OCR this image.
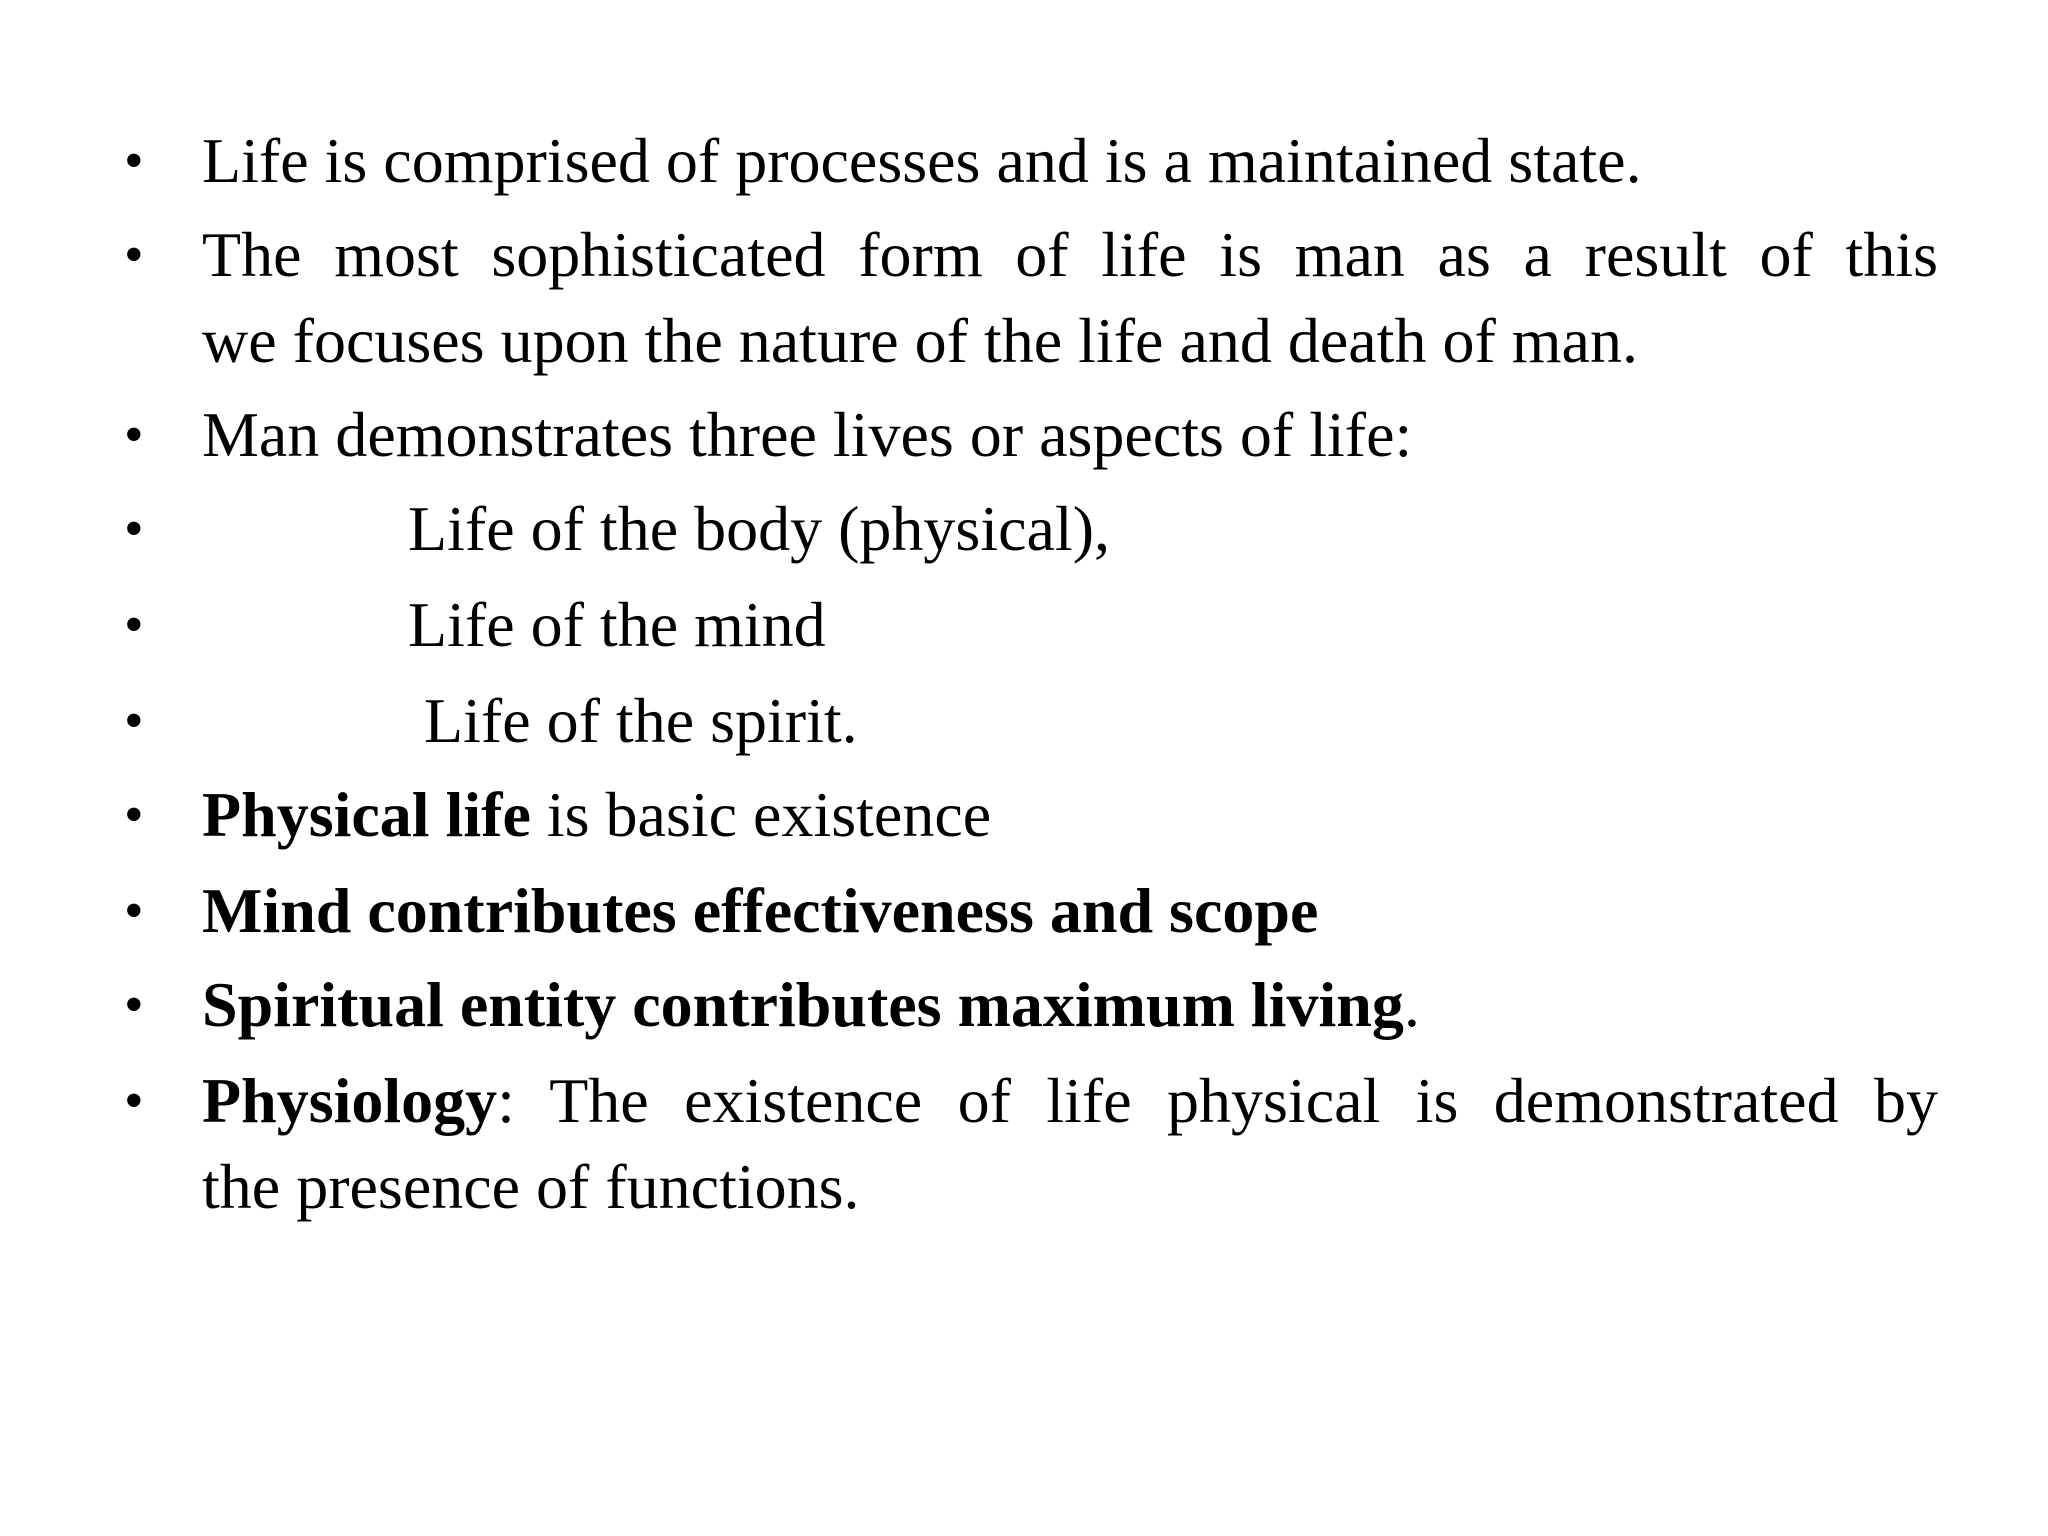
• Life is comprised of processes and is a maintained state.
• The most sophisticated form of life is man as a result of this
we focuses upon the nature of the life and death of man.
• Man demonstrates three lives or aspects of life:
•	Life of the body (physical),
•	Life of the mind
•	Life of the spirit.
• Physical life is basic existence
• Mind contributes effectiveness and scope
• Spiritual entity contributes maximum living.
• Physiology: The existence of life physical is demonstrated by
the presence of functions.
